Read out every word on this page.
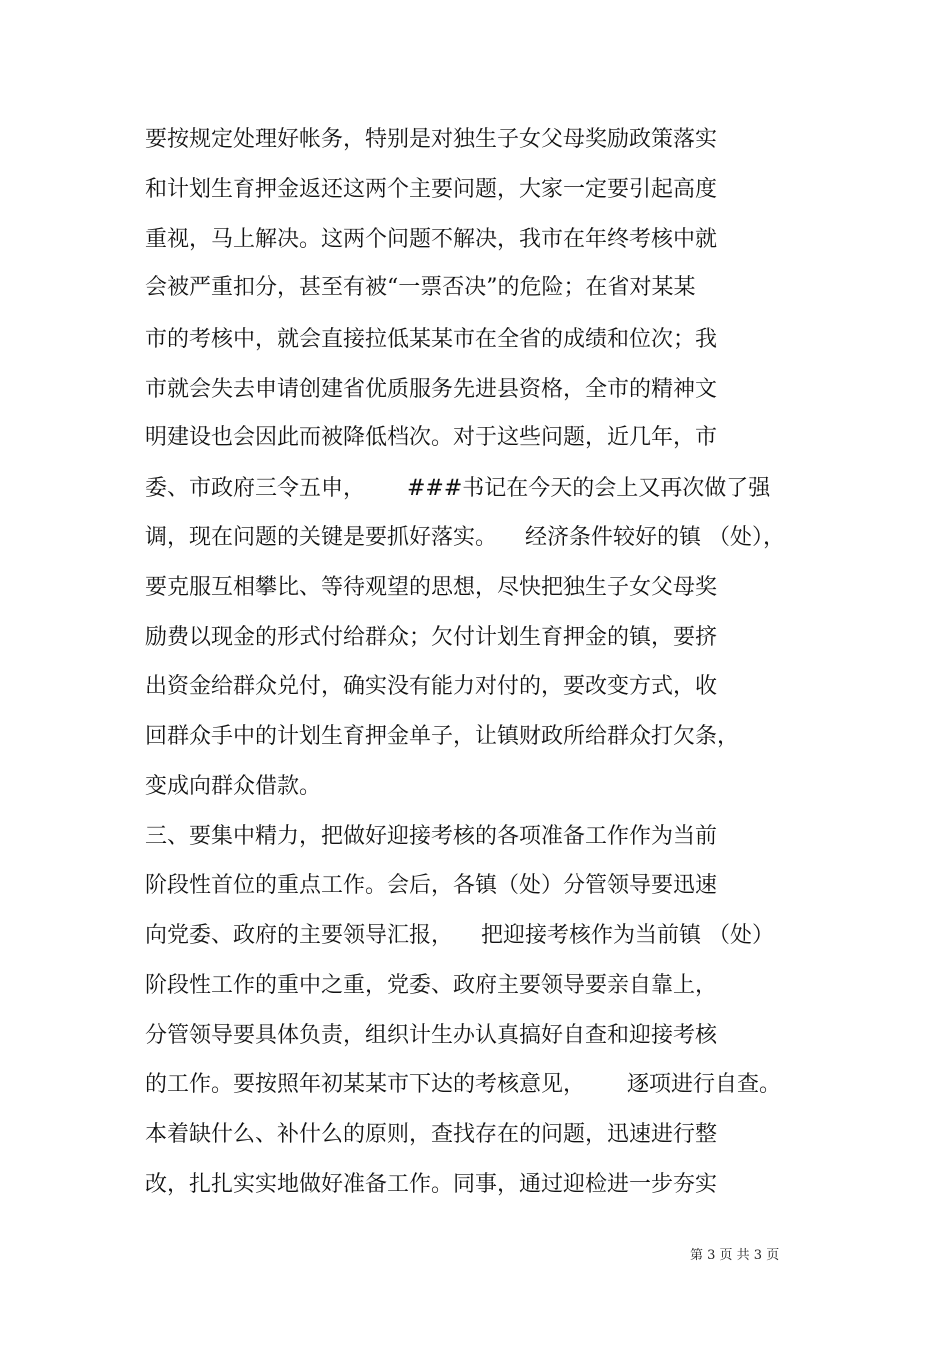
要按规定处理好帐务，特别是对独生子女父母奖励政策落实
和计划生育押金返还这两个主要问题，大家一定要引起高度
重视，马上解决。这两个问题不解决，我市在年终考核中就
会被严重扣分，甚至有被“一票否决”的危险；在省对某某
市的考核中，就会直接拉低某某市在全省的成绩和位次；我
市就会失去申请创建省优质服务先进县资格，全市的精神文
明建设也会因此而被降低档次。对于这些问题，近几年，市
委、市政府三令五申，      ###书记在今天的会上又再次做了强
调，现在问题的关键是要抓好落实。    经济条件较好的镇 （处），
要克服互相攀比、等待观望的思想，尽快把独生子女父母奖
励费以现金的形式付给群众；欠付计划生育押金的镇，要挤
出资金给群众兑付，确实没有能力对付的，要改变方式，收
回群众手中的计划生育押金单子，让镇财政所给群众打欠条，
变成向群众借款。
三、要集中精力，把做好迎接考核的各项准备工作作为当前
阶段性首位的重点工作。会后，各镇（处）分管领导要迅速
向党委、政府的主要领导汇报，    把迎接考核作为当前镇 （处）
阶段性工作的重中之重，党委、政府主要领导要亲自靠上，
分管领导要具体负责，组织计生办认真搞好自查和迎接考核
的工作。要按照年初某某市下达的考核意见，      逐项进行自查。
本着缺什么、补什么的原则，查找存在的问题，迅速进行整
改，扎扎实实地做好准备工作。同事，通过迎检进一步夯实
第 3 页 共 3 页
